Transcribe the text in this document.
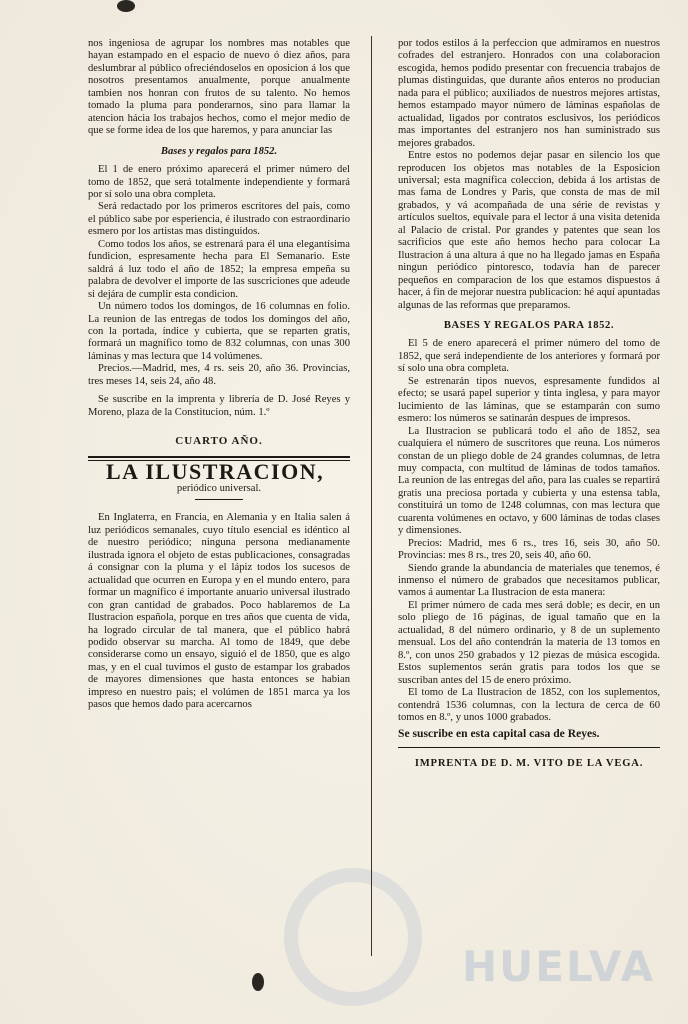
HUELVA

nos ingeniosa de agrupar los nombres mas notables que hayan estampado en el espacio de nuevo ó diez años, para deslumbrar al público ofreciéndoselos en oposicion á los que nosotros presentamos anualmente, porque anualmente tambien nos honran con frutos de su talento. No hemos tomado la pluma para ponderarnos, sino para llamar la atencion hácia los trabajos hechos, como el mejor medio de que se forme idea de los que haremos, y para anunciar las

Bases y regalos para 1852.

El 1 de enero próximo aparecerá el primer número del tomo de 1852, que será totalmente independiente y formará por sí solo una obra completa.

Será redactado por los primeros escritores del pais, como el público sabe por esperiencia, é ilustrado con estraordinario esmero por los artistas mas distinguidos.

Como todos los años, se estrenará para él una elegantísima fundicion, espresamente hecha para El Semanario. Este saldrá á luz todo el año de 1852; la empresa empeña su palabra de devolver el importe de las suscriciones que adeude si dejára de cumplir esta condicion.

Un número todos los domingos, de 16 columnas en folio. La reunion de las entregas de todos los domingos del año, con la portada, índice y cubierta, que se reparten gratis, formará un magnífico tomo de 832 columnas, con unas 300 láminas y mas lectura que 14 volúmenes.

Precios.—Madrid, mes, 4 rs. seis 20, año 36. Provincias, tres meses 14, seis 24, año 48.

Se suscribe en la imprenta y librería de D. José Reyes y Moreno, plaza de la Constitucion, núm. 1.º

CUARTO AÑO.

LA ILUSTRACION,

periódico universal.

En Inglaterra, en Francia, en Alemania y en Italia salen á luz periódicos semanales, cuyo título esencial es idéntico al de nuestro periódico; ninguna persona medianamente ilustrada ignora el objeto de estas publicaciones, consagradas á consignar con la pluma y el lápiz todos los sucesos de actualidad que ocurren en Europa y en el mundo entero, para formar un magnífico é importante anuario universal ilustrado con gran cantidad de grabados. Poco hablaremos de La Ilustracion española, porque en tres años que cuenta de vida, ha logrado circular de tal manera, que el público habrá podido observar su marcha. Al tomo de 1849, que debe considerarse como un ensayo, siguió el de 1850, que es algo mas, y en el cual tuvimos el gusto de estampar los grabados de mayores dimensiones que hasta entonces se habian impreso en nuestro pais; el volúmen de 1851 marca ya los pasos que hemos dado para acercarnos

por todos estilos á la perfeccion que admiramos en nuestros cofrades del estranjero. Honrados con una colaboracion escogida, hemos podido presentar con frecuencia trabajos de plumas distinguidas, que durante años enteros no producian nada para el público; auxiliados de nuestros mejores artistas, hemos estampado mayor número de láminas españolas de actualidad, ligados por contratos esclusivos, los periódicos mas importantes del estranjero nos han suministrado sus mejores grabados.

Entre estos no podemos dejar pasar en silencio los que reproducen los objetos mas notables de la Esposicion universal; esta magnífica coleccion, debida á los artistas de mas fama de Londres y Paris, que consta de mas de mil grabados, y vá acompañada de una série de revistas y artículos sueltos, equivale para el lector á una visita detenida al Palacio de cristal. Por grandes y patentes que sean los sacrificios que este año hemos hecho para colocar La Ilustracion á una altura á que no ha llegado jamas en España ningun periódico pintoresco, todavía han de parecer pequeños en comparacion de los que estamos dispuestos á hacer, á fin de mejorar nuestra publicacion: hé aquí apuntadas algunas de las reformas que preparamos.

BASES Y REGALOS PARA 1852.

El 5 de enero aparecerá el primer número del tomo de 1852, que será independiente de los anteriores y formará por sí solo una obra completa.

Se estrenarán tipos nuevos, espresamente fundidos al efecto; se usará papel superior y tinta inglesa, y para mayor lucimiento de las láminas, que se estamparán con sumo esmero: los números se satinarán despues de impresos.

La Ilustracion se publicará todo el año de 1852, sea cualquiera el número de suscritores que reuna. Los números constan de un pliego doble de 24 grandes columnas, de letra muy compacta, con multitud de láminas de todos tamaños. La reunion de las entregas del año, para las cuales se repartirá gratis una preciosa portada y cubierta y una estensa tabla, constituirá un tomo de 1248 columnas, con mas lectura que cuarenta volúmenes en octavo, y 600 láminas de todas clases y dimensiones.

Precios: Madrid, mes 6 rs., tres 16, seis 30, año 50. Provincias: mes 8 rs., tres 20, seis 40, año 60.

Siendo grande la abundancia de materiales que tenemos, é inmenso el número de grabados que necesitamos publicar, vamos á aumentar La Ilustracion de esta manera:

El primer número de cada mes será doble; es decir, en un solo pliego de 16 páginas, de igual tamaño que en la actualidad, 8 del número ordinario, y 8 de un suplemento mensual. Los del año contendrán la materia de 13 tomos en 8.º, con unos 250 grabados y 12 piezas de música escogida. Estos suplementos serán gratis para todos los que se suscriban antes del 15 de enero próximo.

El tomo de La Ilustracion de 1852, con los suplementos, contendrá 1536 columnas, con la lectura de cerca de 60 tomos en 8.º, y unos 1000 grabados.

Se suscribe en esta capital casa de Reyes.

IMPRENTA DE D. M. VITO DE LA VEGA.
